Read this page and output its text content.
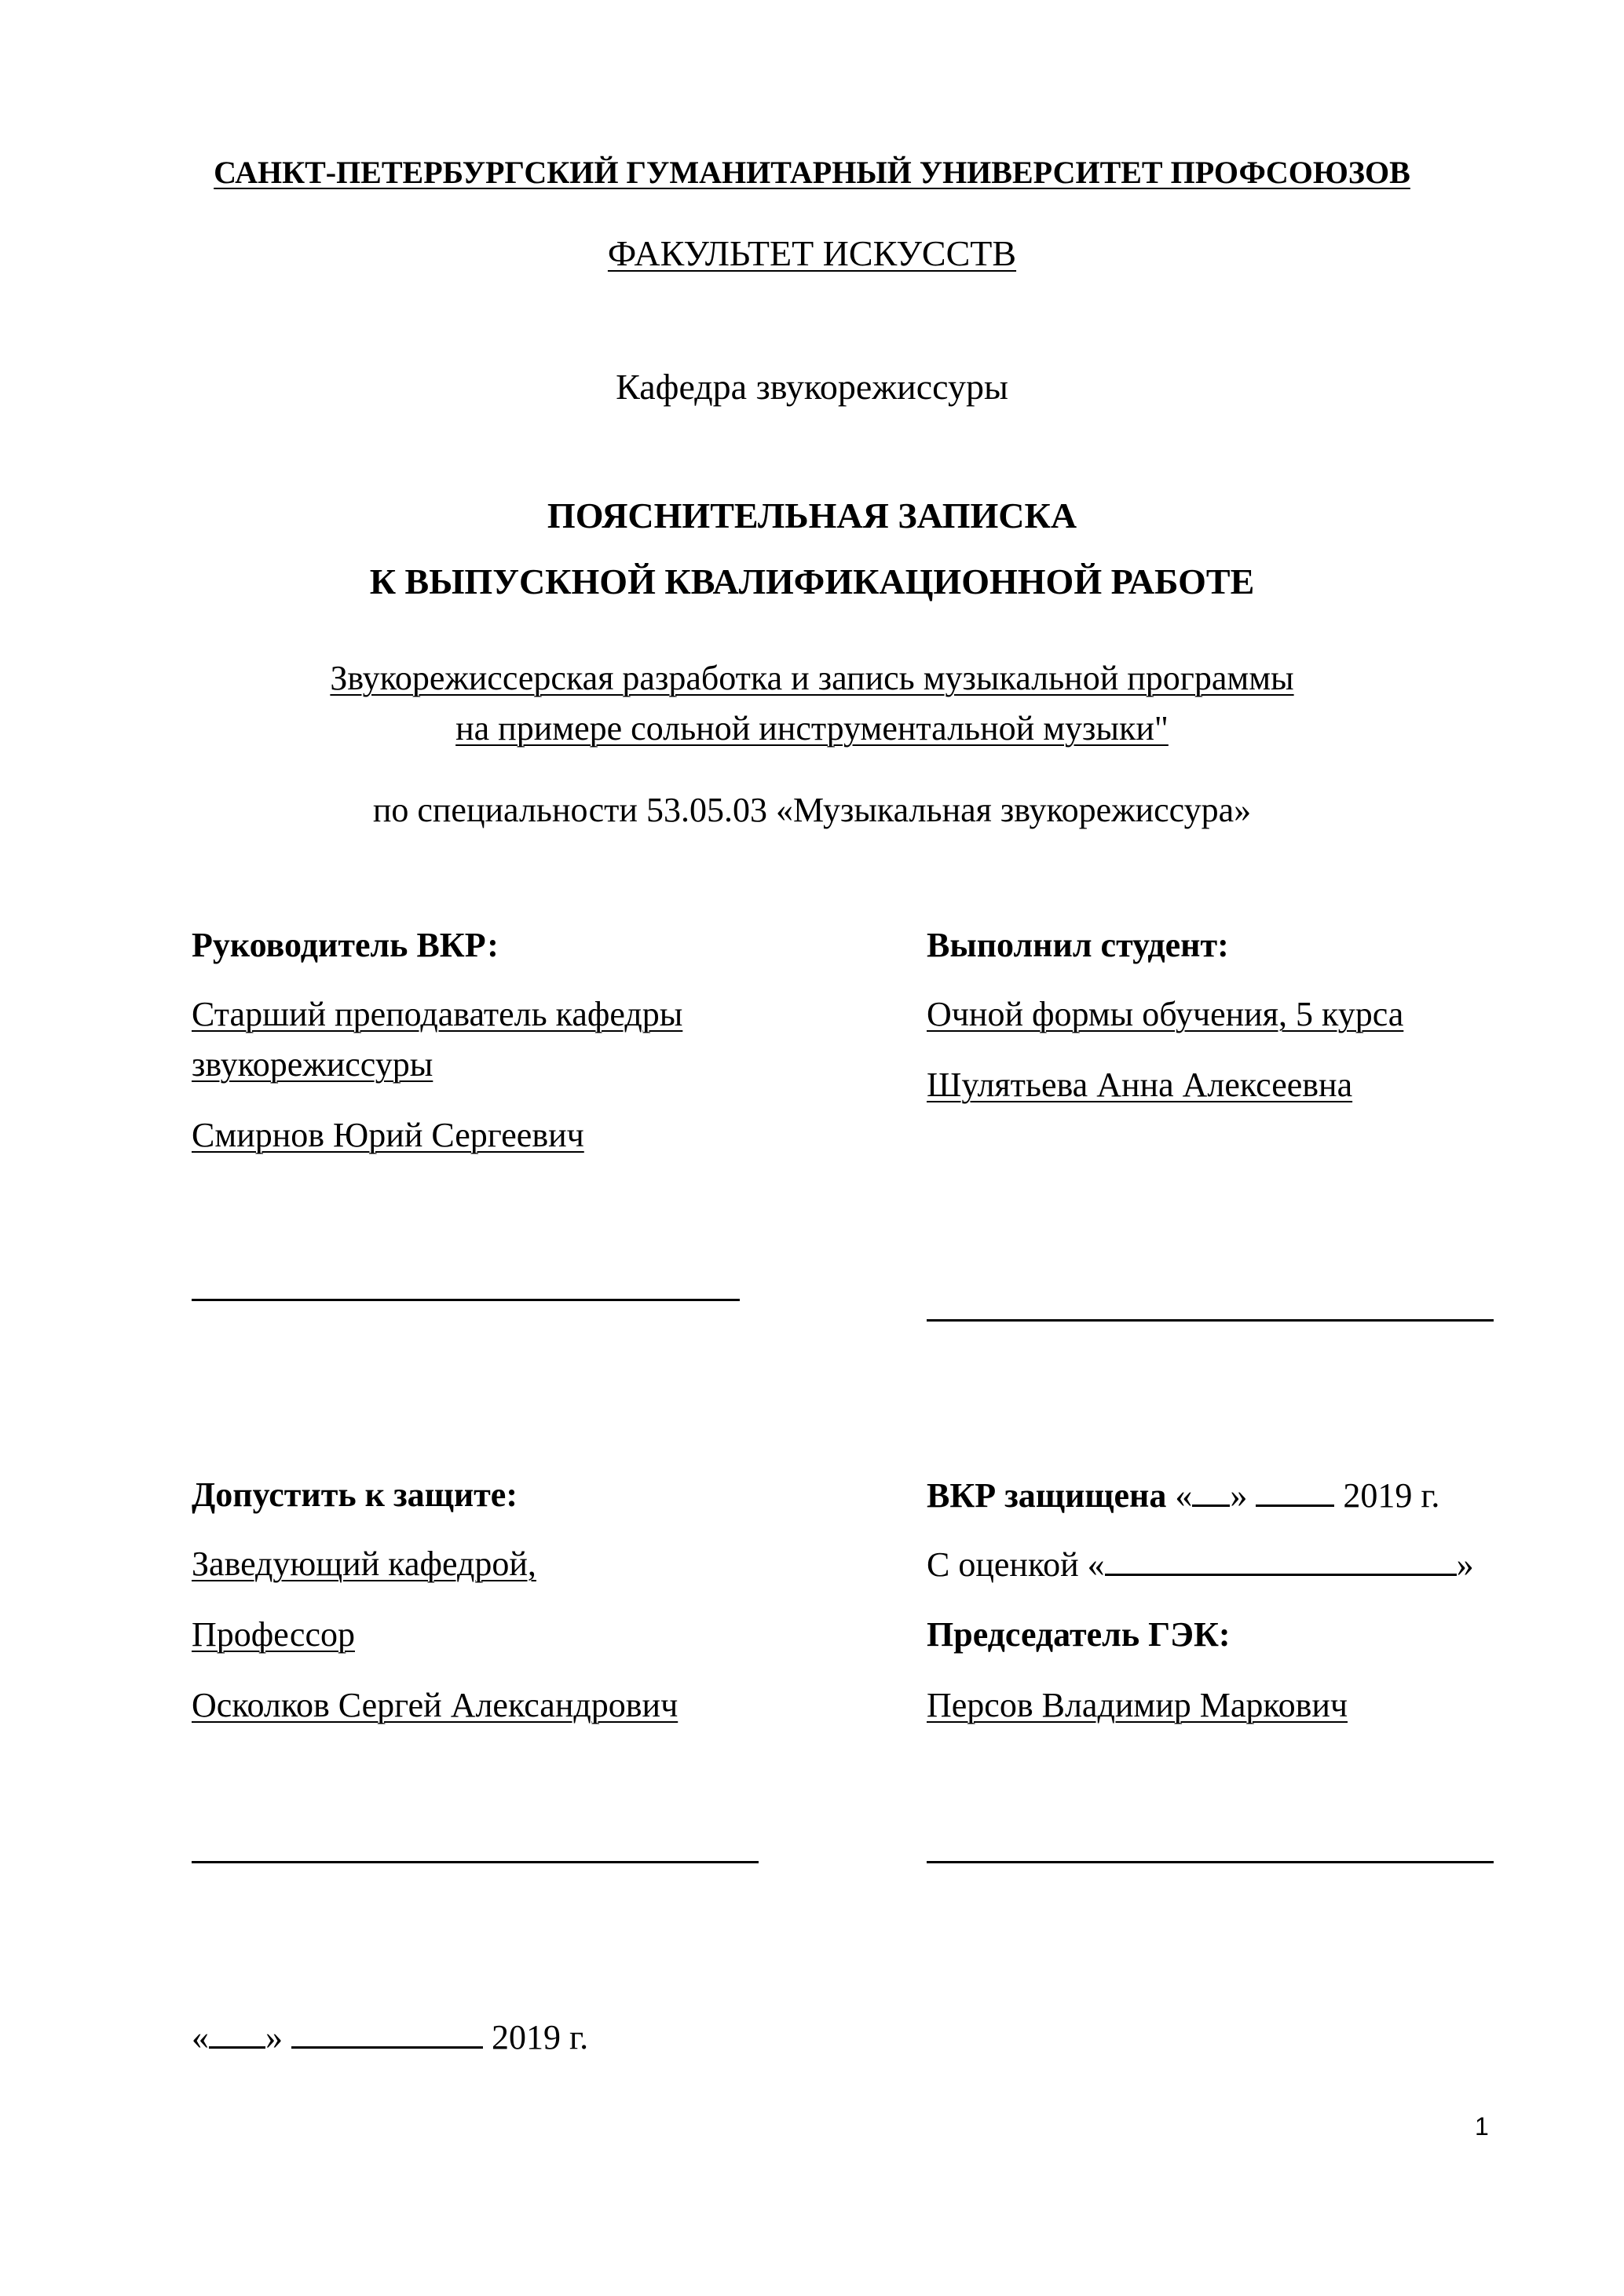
САНКТ-ПЕТЕРБУРГСКИЙ ГУМАНИТАРНЫЙ УНИВЕРСИТЕТ ПРОФСОЮЗОВ
ФАКУЛЬТЕТ ИСКУССТВ
Кафедра звукорежиссуры
ПОЯСНИТЕЛЬНАЯ ЗАПИСКА
К ВЫПУСКНОЙ КВАЛИФИКАЦИОННОЙ РАБОТЕ
Звукорежиссерская разработка и запись музыкальной программы
на примере сольной инструментальной музыки"
по специальности 53.05.03 «Музыкальная звукорежиссура»
Руководитель ВКР:
Старший преподаватель кафедры
звукорежиссуры
Смирнов Юрий Сергеевич
Выполнил студент:
Очной формы обучения, 5 курса
Шулятьева Анна Алексеевна
Допустить к защите:
Заведующий кафедрой,
Профессор
Осколков Сергей Александрович
ВКР защищена « »	2019 г.
С оценкой «	»
Председатель ГЭК:
Персов Владимир Маркович
« »	2019 г.
1
